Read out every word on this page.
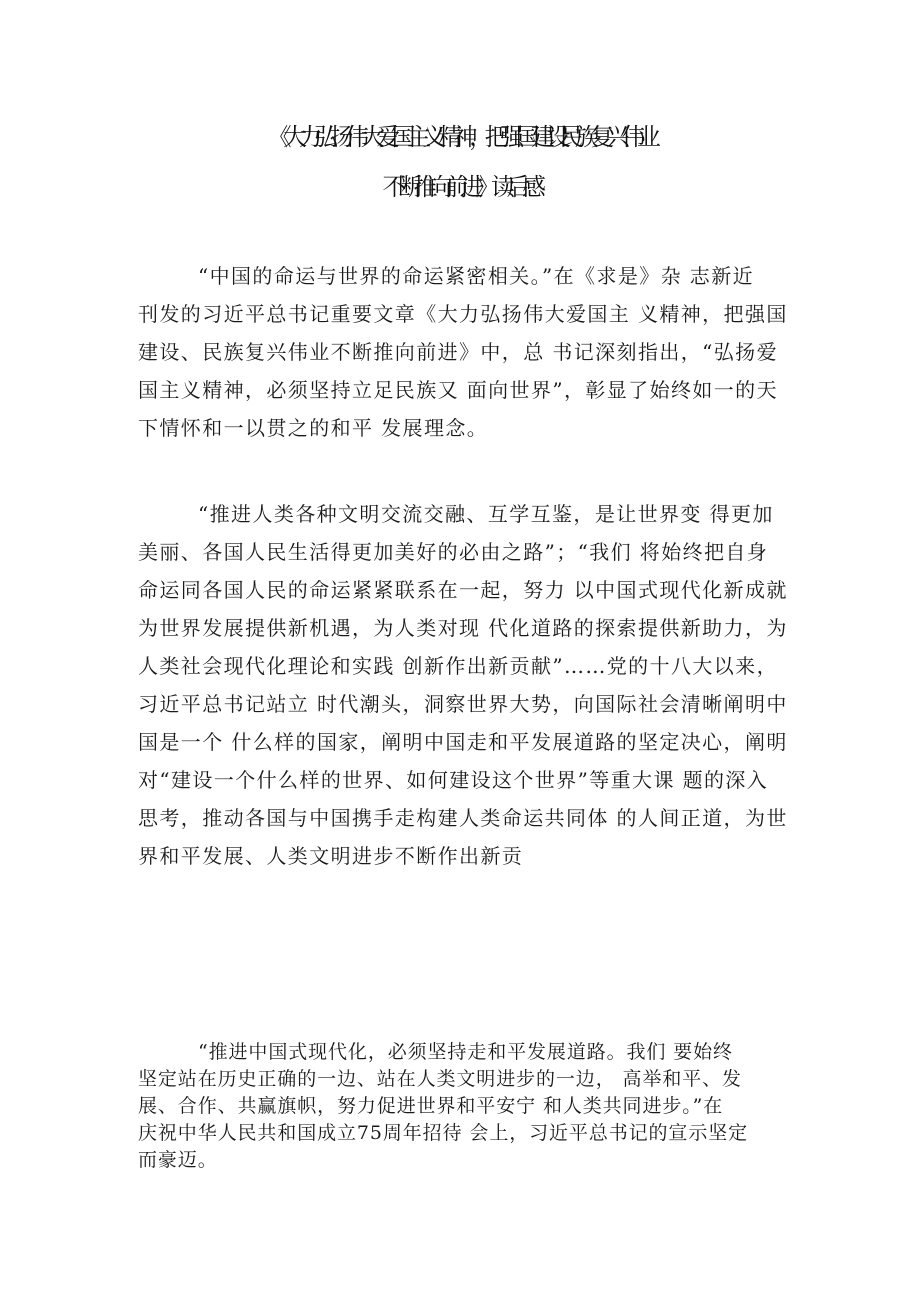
《大力弘扬伟大爱国主义精神，把强国建设' 民族复兴伟业
不断推向前进》读后感
“中国的命运与世界的命运紧密相关。”在《求是》杂 志新近
刊发的习近平总书记重要文章《大力弘扬伟大爱国主 义精神，把强国
建设、民族复兴伟业不断推向前进》中，总 书记深刻指出，“弘扬爱
国主义精神，必须坚持立足民族又 面向世界”，彰显了始终如一的天
下情怀和一以贯之的和平 发展理念。
“推进人类各种文明交流交融、互学互鉴，是让世界变 得更加
美丽、各国人民生活得更加美好的必由之路”；“我们 将始终把自身
命运同各国人民的命运紧紧联系在一起，努力 以中国式现代化新成就
为世界发展提供新机遇，为人类对现 代化道路的探索提供新助力，为
人类社会现代化理论和实践 创新作出新贡献”……党的十八大以来，
习近平总书记站立 时代潮头，洞察世界大势，向国际社会清晰阐明中
国是一个 什么样的国家，阐明中国走和平发展道路的坚定决心，阐明
对“建设一个什么样的世界、如何建设这个世界”等重大课 题的深入
思考，推动各国与中国携手走构建人类命运共同体 的人间正道，为世
界和平发展、人类文明进步不断作出新贡
“推进中国式现代化，必须坚持走和平发展道路。我们 要始终
坚定站在历史正确的一边、站在人类文明进步的一边， 高举和平、发
展、合作、共赢旗帜，努力促进世界和平安宁 和人类共同进步。”在
庆祝中华人民共和国成立75周年招待 会上，习近平总书记的宣示坚定
而豪迈。
